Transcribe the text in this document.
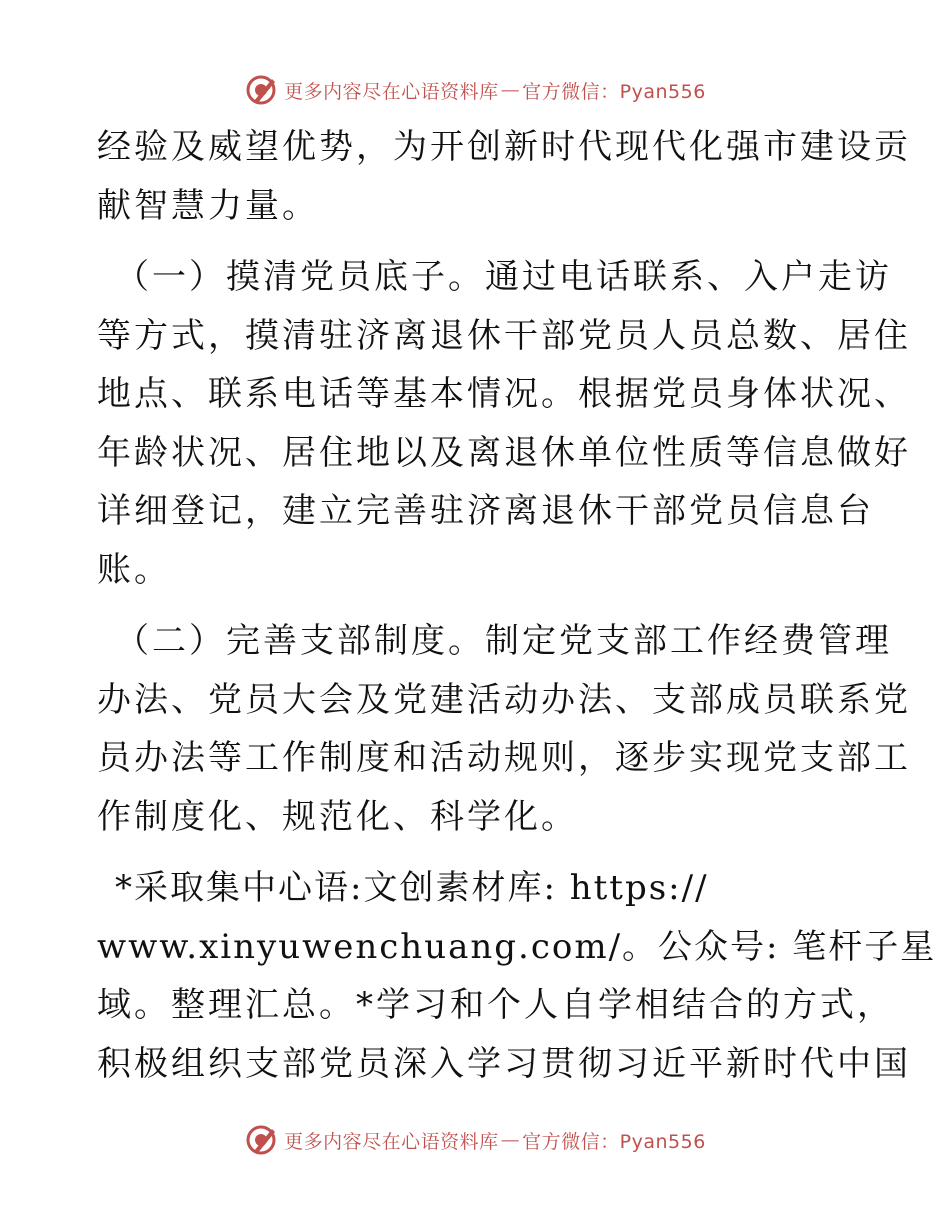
更多内容尽在心语资料库 — 官方微信：Pyan556
经验及威望优势，为开创新时代现代化强市建设贡
献智慧力量。
（一）摸清党员底子。通过电话联系、入户走访
等方式，摸清驻济离退休干部党员人员总数、居住
地点、联系电话等基本情况。根据党员身体状况、
年龄状况、居住地以及离退休单位性质等信息做好
详细登记，建立完善驻济离退休干部党员信息台
账。
（二）完善支部制度。制定党支部工作经费管理
办法、党员大会及党建活动办法、支部成员联系党
员办法等工作制度和活动规则，逐步实现党支部工
作制度化、规范化、科学化。
*采取集中心语:文创素材库: https://
www.xinyuwenchuang.com/。公众号: 笔杆子星
域。整理汇总。*学习和个人自学相结合的方式，
积极组织支部党员深入学习贯彻习近平新时代中国
更多内容尽在心语资料库 — 官方微信：Pyan556
